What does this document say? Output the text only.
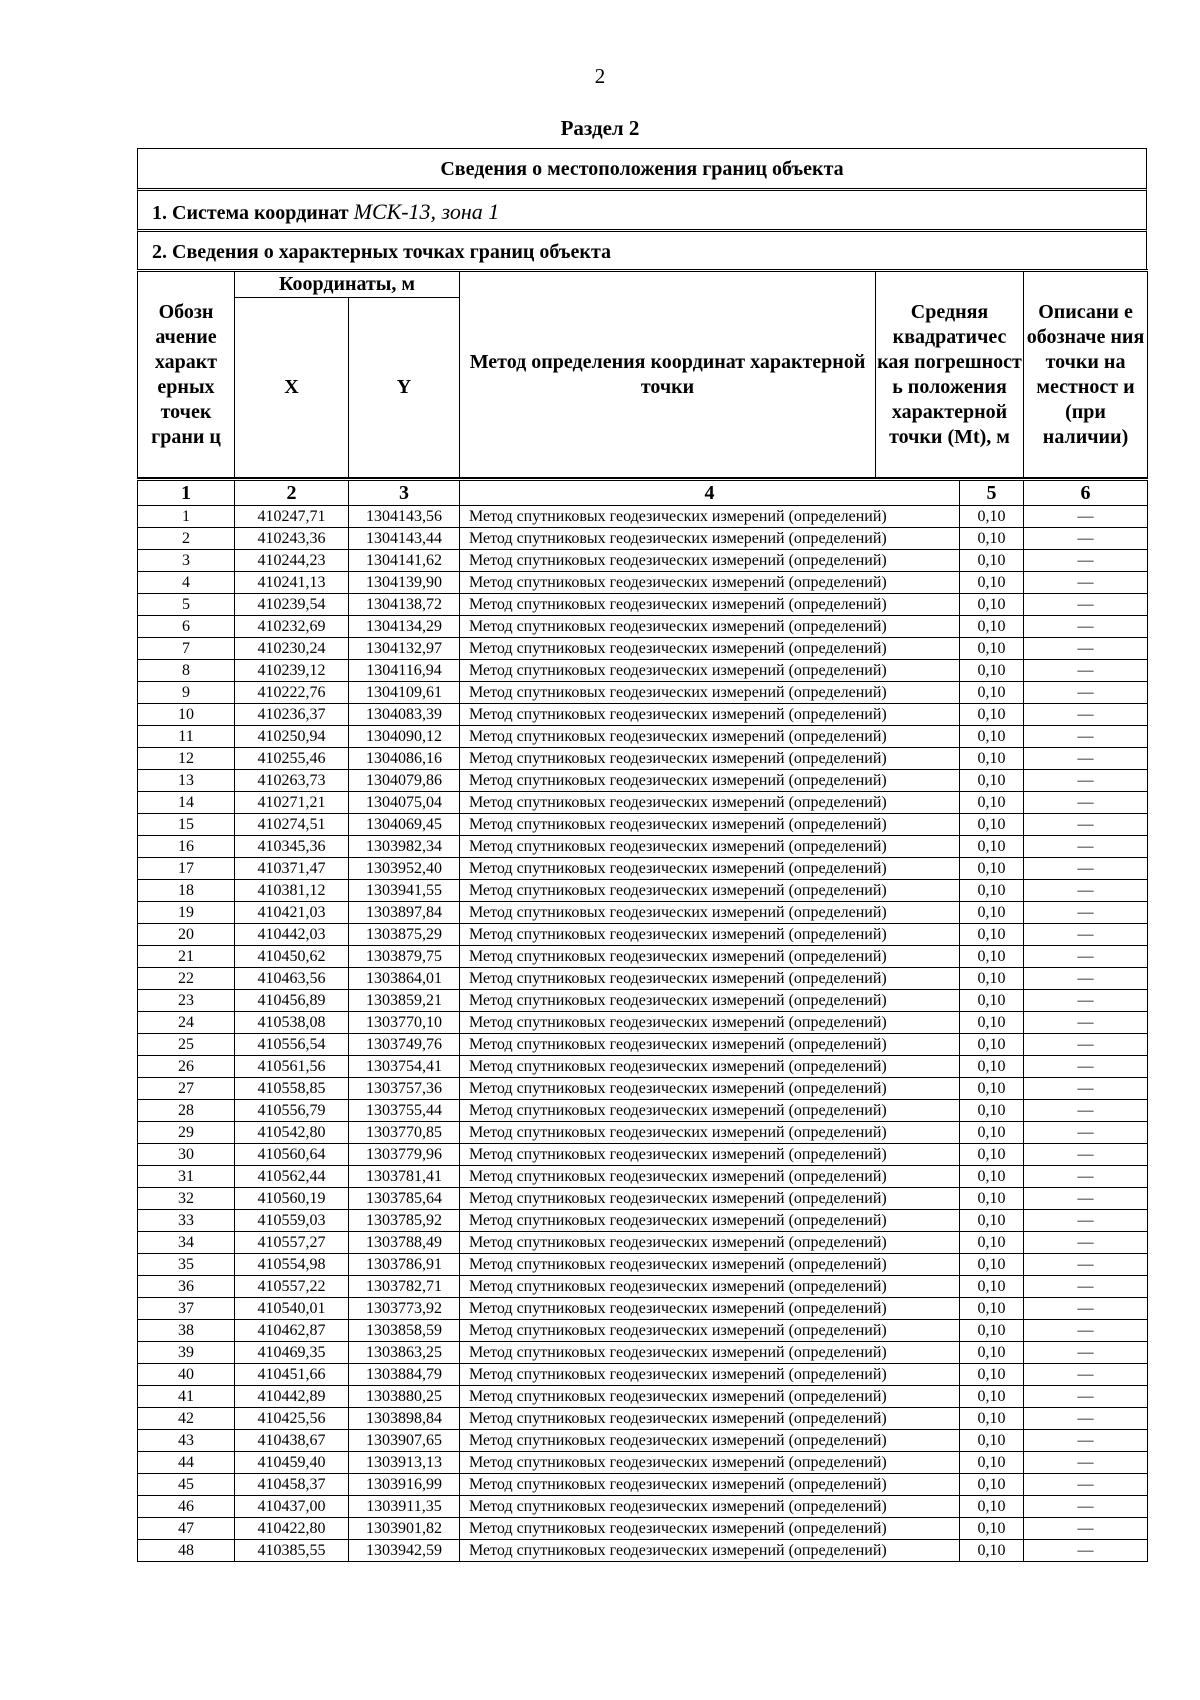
2
Раздел 2
Сведения о местоположения границ объекта
1. Система координат МСК-13, зона 1
2. Сведения о характерных точках границ объекта
Обозн ачение характ ерных точек грани ц	Координаты, м		Метод определения координат характерной точки	Средняя квадратичес кая погрешност ь положения характерной точки (Mt), м	Описани е обозначе ния точки на местност и (при наличии)
	X	Y			
1	2	3	4	5	6
1	410247,71	1304143,56	Метод спутниковых геодезических измерений (определений)	0,10	—
2	410243,36	1304143,44	Метод спутниковых геодезических измерений (определений)	0,10	—
3	410244,23	1304141,62	Метод спутниковых геодезических измерений (определений)	0,10	—
4	410241,13	1304139,90	Метод спутниковых геодезических измерений (определений)	0,10	—
5	410239,54	1304138,72	Метод спутниковых геодезических измерений (определений)	0,10	—
6	410232,69	1304134,29	Метод спутниковых геодезических измерений (определений)	0,10	—
7	410230,24	1304132,97	Метод спутниковых геодезических измерений (определений)	0,10	—
8	410239,12	1304116,94	Метод спутниковых геодезических измерений (определений)	0,10	—
9	410222,76	1304109,61	Метод спутниковых геодезических измерений (определений)	0,10	—
10	410236,37	1304083,39	Метод спутниковых геодезических измерений (определений)	0,10	—
11	410250,94	1304090,12	Метод спутниковых геодезических измерений (определений)	0,10	—
12	410255,46	1304086,16	Метод спутниковых геодезических измерений (определений)	0,10	—
13	410263,73	1304079,86	Метод спутниковых геодезических измерений (определений)	0,10	—
14	410271,21	1304075,04	Метод спутниковых геодезических измерений (определений)	0,10	—
15	410274,51	1304069,45	Метод спутниковых геодезических измерений (определений)	0,10	—
16	410345,36	1303982,34	Метод спутниковых геодезических измерений (определений)	0,10	—
17	410371,47	1303952,40	Метод спутниковых геодезических измерений (определений)	0,10	—
18	410381,12	1303941,55	Метод спутниковых геодезических измерений (определений)	0,10	—
19	410421,03	1303897,84	Метод спутниковых геодезических измерений (определений)	0,10	—
20	410442,03	1303875,29	Метод спутниковых геодезических измерений (определений)	0,10	—
21	410450,62	1303879,75	Метод спутниковых геодезических измерений (определений)	0,10	—
22	410463,56	1303864,01	Метод спутниковых геодезических измерений (определений)	0,10	—
23	410456,89	1303859,21	Метод спутниковых геодезических измерений (определений)	0,10	—
24	410538,08	1303770,10	Метод спутниковых геодезических измерений (определений)	0,10	—
25	410556,54	1303749,76	Метод спутниковых геодезических измерений (определений)	0,10	—
26	410561,56	1303754,41	Метод спутниковых геодезических измерений (определений)	0,10	—
27	410558,85	1303757,36	Метод спутниковых геодезических измерений (определений)	0,10	—
28	410556,79	1303755,44	Метод спутниковых геодезических измерений (определений)	0,10	—
29	410542,80	1303770,85	Метод спутниковых геодезических измерений (определений)	0,10	—
30	410560,64	1303779,96	Метод спутниковых геодезических измерений (определений)	0,10	—
31	410562,44	1303781,41	Метод спутниковых геодезических измерений (определений)	0,10	—
32	410560,19	1303785,64	Метод спутниковых геодезических измерений (определений)	0,10	—
33	410559,03	1303785,92	Метод спутниковых геодезических измерений (определений)	0,10	—
34	410557,27	1303788,49	Метод спутниковых геодезических измерений (определений)	0,10	—
35	410554,98	1303786,91	Метод спутниковых геодезических измерений (определений)	0,10	—
36	410557,22	1303782,71	Метод спутниковых геодезических измерений (определений)	0,10	—
37	410540,01	1303773,92	Метод спутниковых геодезических измерений (определений)	0,10	—
38	410462,87	1303858,59	Метод спутниковых геодезических измерений (определений)	0,10	—
39	410469,35	1303863,25	Метод спутниковых геодезических измерений (определений)	0,10	—
40	410451,66	1303884,79	Метод спутниковых геодезических измерений (определений)	0,10	—
41	410442,89	1303880,25	Метод спутниковых геодезических измерений (определений)	0,10	—
42	410425,56	1303898,84	Метод спутниковых геодезических измерений (определений)	0,10	—
43	410438,67	1303907,65	Метод спутниковых геодезических измерений (определений)	0,10	—
44	410459,40	1303913,13	Метод спутниковых геодезических измерений (определений)	0,10	—
45	410458,37	1303916,99	Метод спутниковых геодезических измерений (определений)	0,10	—
46	410437,00	1303911,35	Метод спутниковых геодезических измерений (определений)	0,10	—
47	410422,80	1303901,82	Метод спутниковых геодезических измерений (определений)	0,10	—
48	410385,55	1303942,59	Метод спутниковых геодезических измерений (определений)	0,10	—
